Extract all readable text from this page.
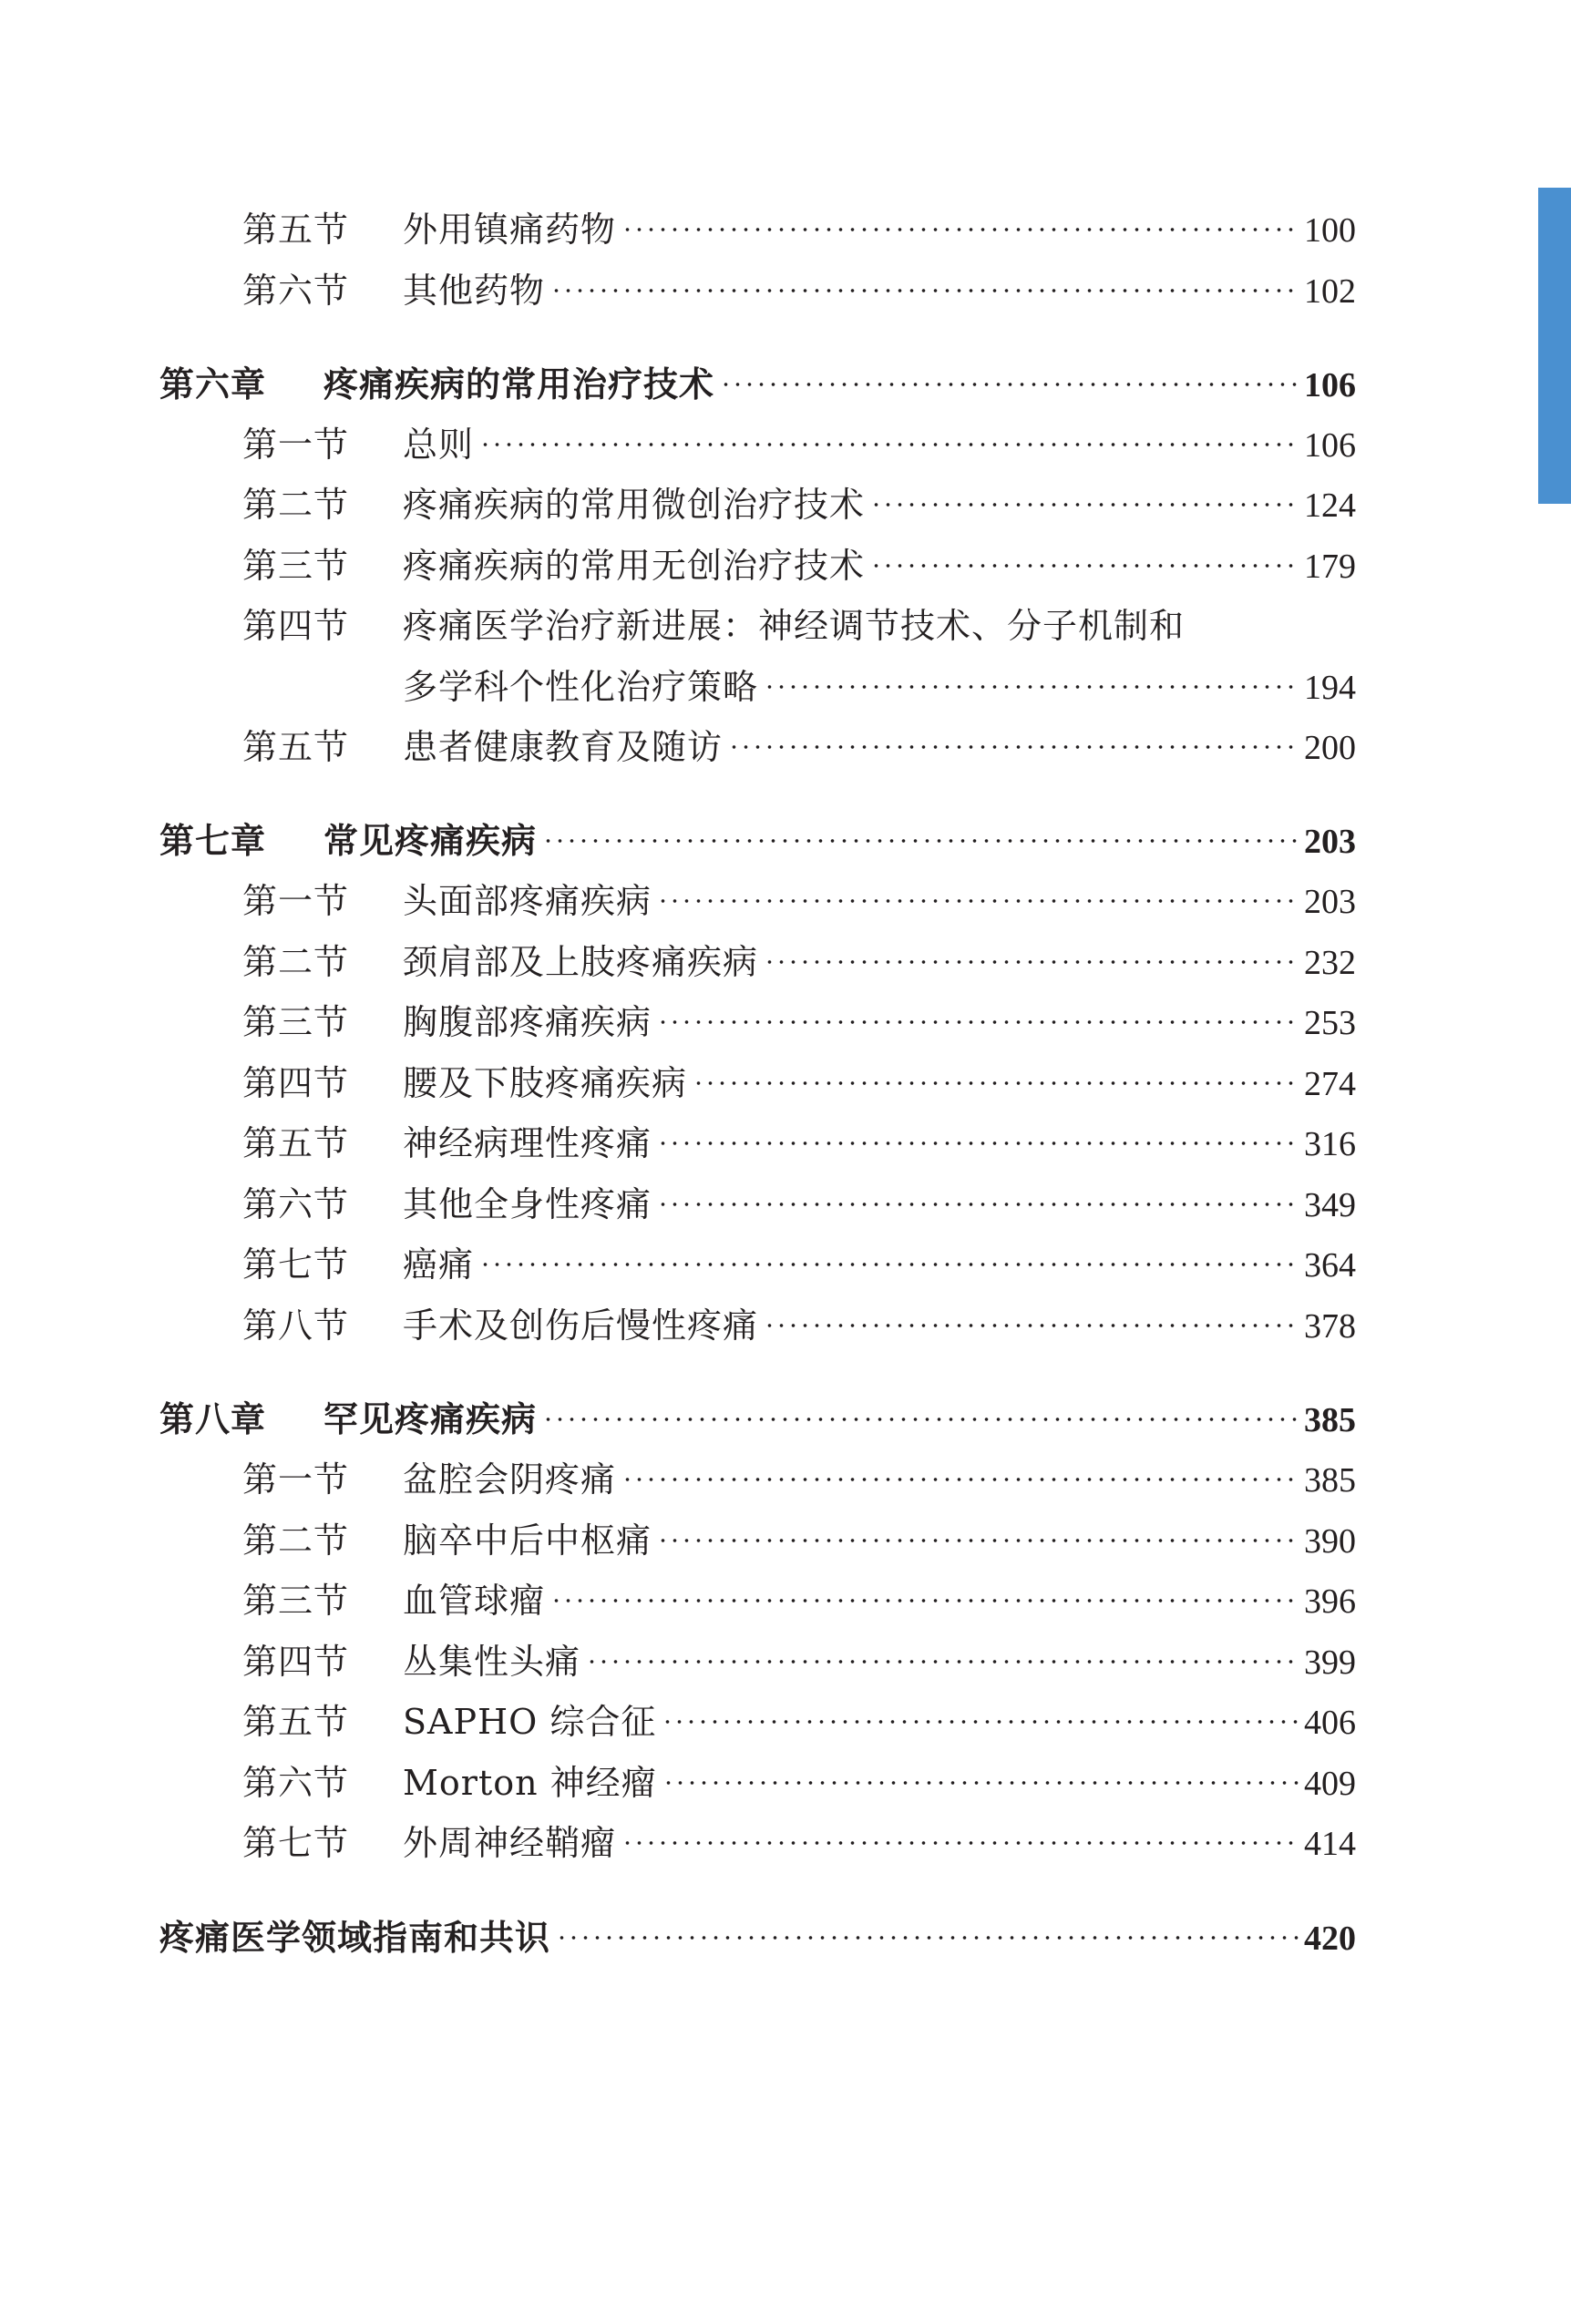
第五节	外用镇痛药物	100
第六节	其他药物	102
第六章	疼痛疾病的常用治疗技术	106
第一节	总则	106
第二节	疼痛疾病的常用微创治疗技术	124
第三节	疼痛疾病的常用无创治疗技术	179
第四节	疼痛医学治疗新进展：神经调节技术、分子机制和
多学科个性化治疗策略	194
第五节	患者健康教育及随访	200
第七章	常见疼痛疾病	203
第一节	头面部疼痛疾病	203
第二节	颈肩部及上肢疼痛疾病	232
第三节	胸腹部疼痛疾病	253
第四节	腰及下肢疼痛疾病	274
第五节	神经病理性疼痛	316
第六节	其他全身性疼痛	349
第七节	癌痛	364
第八节	手术及创伤后慢性疼痛	378
第八章	罕见疼痛疾病	385
第一节	盆腔会阴疼痛	385
第二节	脑卒中后中枢痛	390
第三节	血管球瘤	396
第四节	丛集性头痛	399
第五节	SAPHO 综合征	406
第六节	Morton 神经瘤	409
第七节	外周神经鞘瘤	414
疼痛医学领域指南和共识	420
